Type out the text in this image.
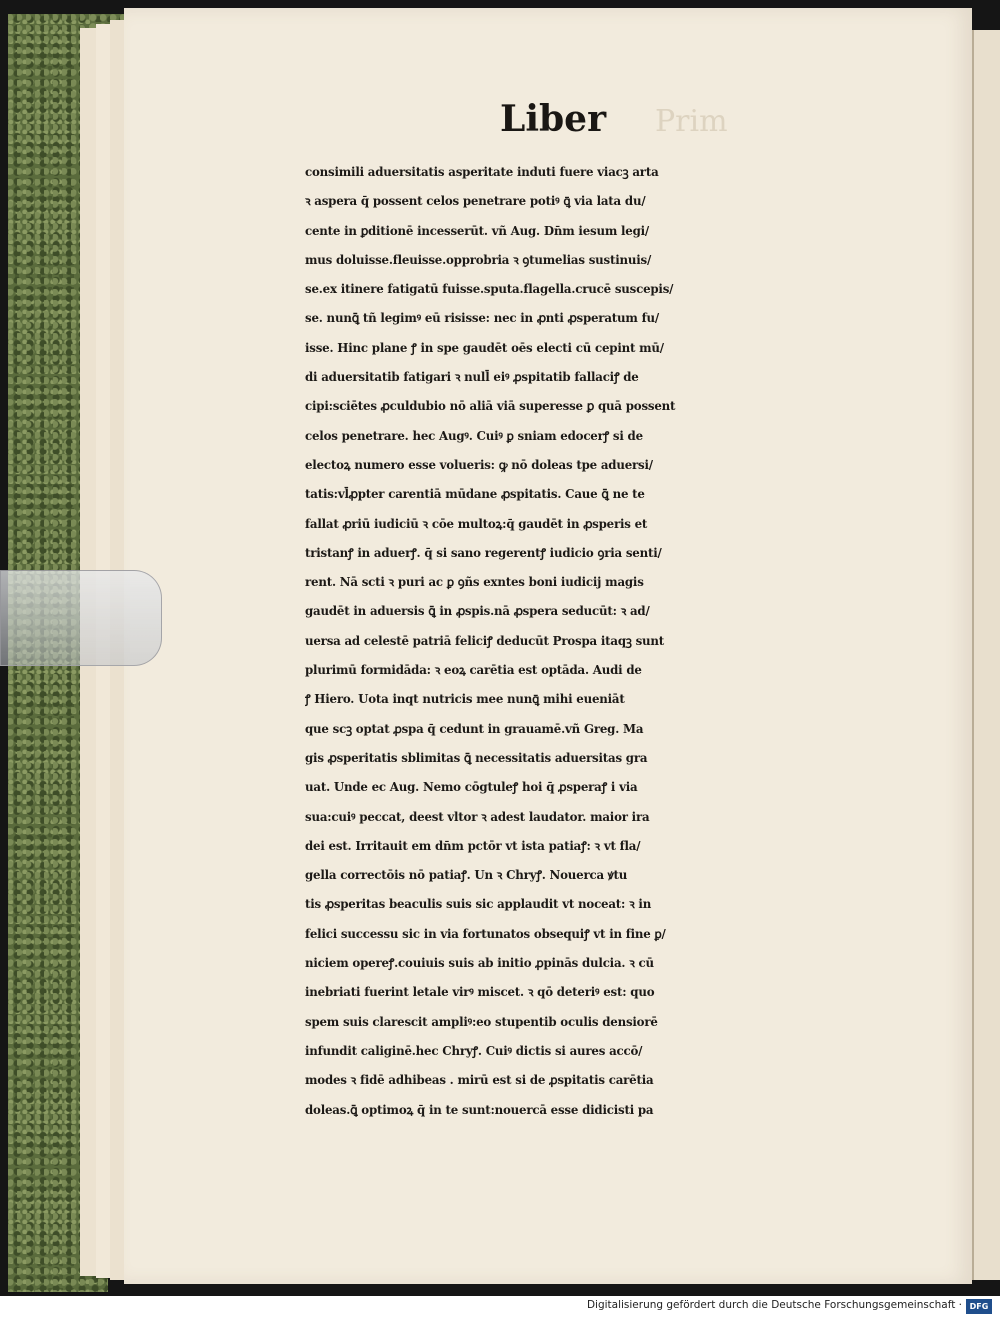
Prim

Liber
consimili aduersitatis asperitate induti fuere viacꝫ arta
ꝛ aspera q̄ possent celos penetrare potiꝰ ꝗ̄ via lata du/
cente in ꝑditionē incesserūt. vñ Aug. Dn̄m iesum legi/
mus doluisse.fleuisse.opprobria ꝛ ꝯtumelias sustinuis/
se.ex itinere fatigatū fuisse.sputa.flagella.crucē suscepis/
se. nunꝗ̄ tñ legimꝰ eū risisse: nec in ꝓnti ꝓsperatum fu/
isse. Hinc plane ꝭ in spe gaudēt oēs electi cū cepint mū/
di aduersitatib fatigari ꝛ null̄ eiꝰ ꝓspitatib fallaciꝭ de
cipi:sciētes ꝓculdubio nō aliā viā superesse ꝑ quā possent
celos penetrare. hec Augꝰ. Cuiꝰ ꝑ sniam edocerꝭ si de
electoꝝ numero esse volueris: ꝙ nō doleas tpe aduersi/
tatis:vl̄ꝓpter carentiā mūdane ꝓspitatis. Caue ꝗ̄ ne te
fallat ꝓriū iudiciū ꝛ cōe multoꝝ:q̄ gaudēt in ꝓsperis et
tristanꝭ in aduerꝭ. q̄ si sano regerentꝭ iudicio ꝯria senti/
rent. Nā scti ꝛ puri ac ꝑ ꝯñs exntes boni iudicij magis
gaudēt in aduersis ꝗ̄ in ꝓspis.nā ꝓspera seducūt: ꝛ ad/
uersa ad celestē patriā feliciꝭ deducūt Prospa itaqꝫ sunt
plurimū formidāda: ꝛ eoꝝ carētia est optāda. Audi de
ꝭ Hiero. Uota inqt nutricis mee nunꝗ̄ mihi eueniāt
que scꝫ optat ꝓspa q̄ cedunt in grauamē.vñ Greg. Ma
gis ꝓsperitatis sblimitas ꝗ̄ necessitatis aduersitas gra
uat. Unde ec Aug. Nemo cōgtuleꝭ hoi q̄ ꝓsperaꝭ i via
sua:cuiꝰ peccat, deest vltor ꝛ adest laudator. maior ira
dei est. Irritauit em dn̄m pctōr vt ista patiaꝭ: ꝛ vt fla/
gella correctōis nō patiaꝭ. Un ꝛ Chryꝭ. Nouerca ꝟtu
tis ꝓsperitas beaculis suis sic applaudit vt noceat: ꝛ in
felici successu sic in via fortunatos obsequiꝭ vt in fine ꝑ/
niciem opereꝭ.couiuis suis ab initio ꝓpinās dulcia. ꝛ cū
inebriati fuerint letale virꝰ miscet. ꝛ qō deteriꝰ est: quo
spem suis clarescit ampliꝰ:eo stupentib oculis densiorē
infundit caliginē.hec Chryꝭ. Cuiꝰ dictis si aures accō/
modes ꝛ fidē adhibeas . mirū est si de ꝓspitatis carētia
doleas.ꝗ̄ optimoꝝ q̄ in te sunt:nouercā esse didicisti pa
Digitalisierung gefördert durch die Deutsche Forschungsgemeinschaft · DFG
